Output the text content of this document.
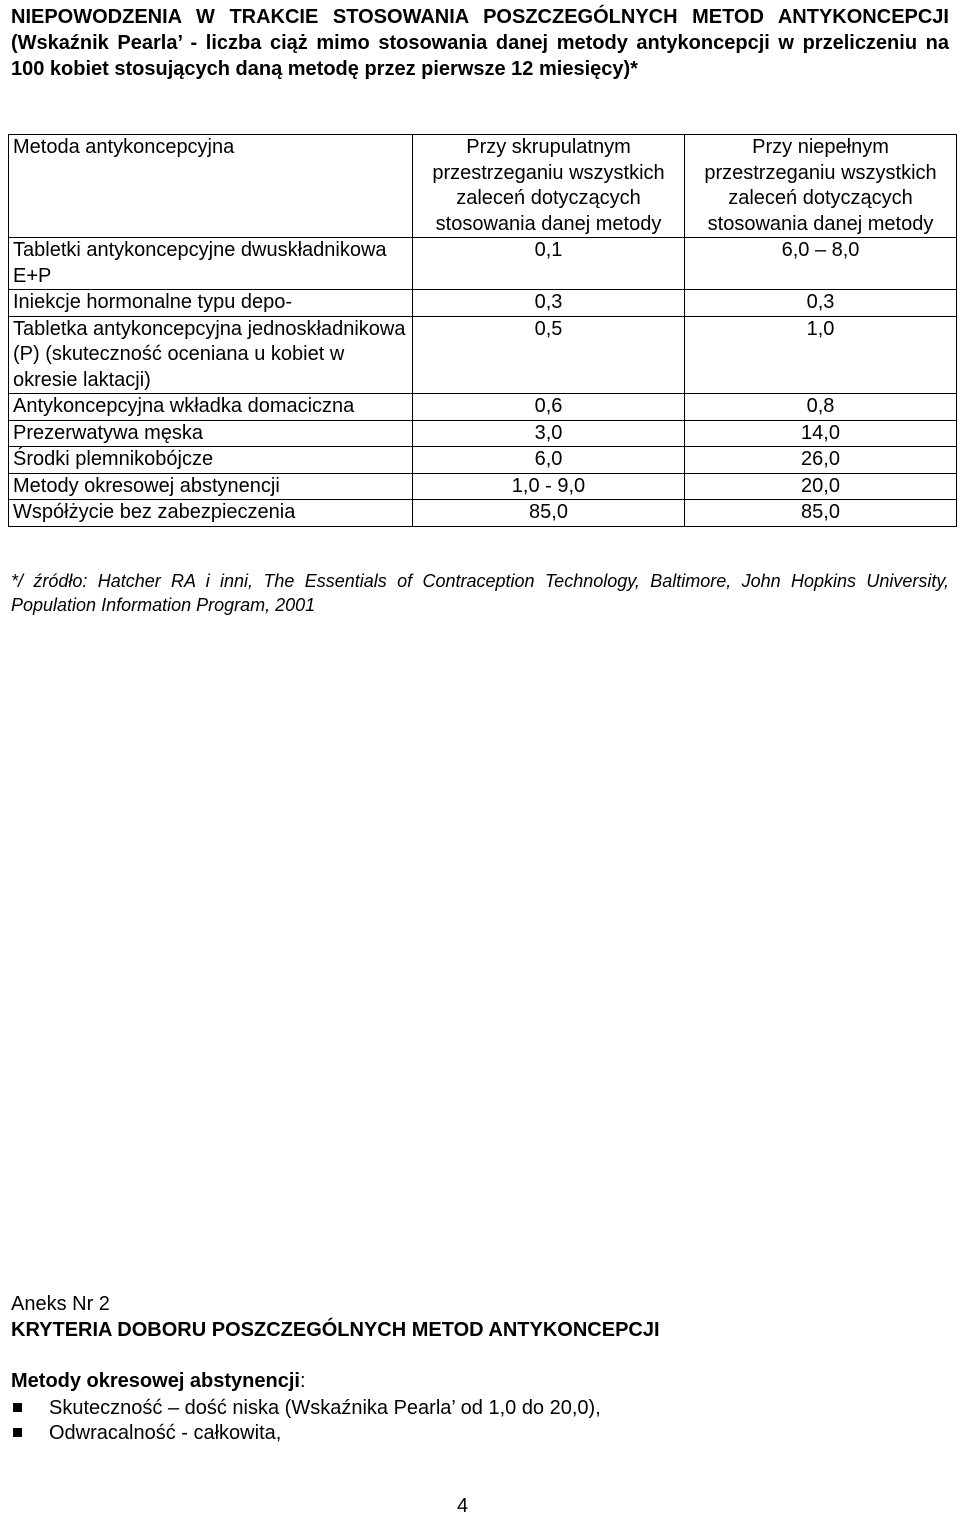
NIEPOWODZENIA W TRAKCIE STOSOWANIA POSZCZEGÓLNYCH METOD ANTYKONCEPCJI (Wskaźnik Pearla’ - liczba ciąż mimo stosowania danej metody antykoncepcji w przeliczeniu na 100 kobiet stosujących daną metodę przez pierwsze 12 miesięcy)*

Metoda antykoncepcyjna	Przy skrupulatnym przestrzeganiu wszystkich zaleceń dotyczących stosowania danej metody	Przy niepełnym przestrzeganiu wszystkich zaleceń dotyczących stosowania danej metody
Tabletki antykoncepcyjne dwuskładnikowa E+P	0,1	6,0 – 8,0
Iniekcje hormonalne typu depo-	0,3	0,3
Tabletka antykoncepcyjna jednoskładnikowa (P) (skuteczność oceniana u kobiet w okresie laktacji)	0,5	1,0
Antykoncepcyjna wkładka domaciczna	0,6	0,8
Prezerwatywa męska	3,0	14,0
Środki plemnikobójcze	6,0	26,0
Metody okresowej abstynencji	1,0 - 9,0	20,0
Współżycie bez zabezpieczenia	85,0	85,0
*/ źródło: Hatcher RA i inni, The Essentials of Contraception Technology, Baltimore, John Hopkins University, Population Information Program, 2001
Aneks Nr 2
KRYTERIA DOBORU POSZCZEGÓLNYCH METOD ANTYKONCEPCJI
Metody okresowej abstynencji:
Skuteczność – dość niska (Wskaźnika Pearla’ od 1,0 do 20,0),
Odwracalność - całkowita,
4
